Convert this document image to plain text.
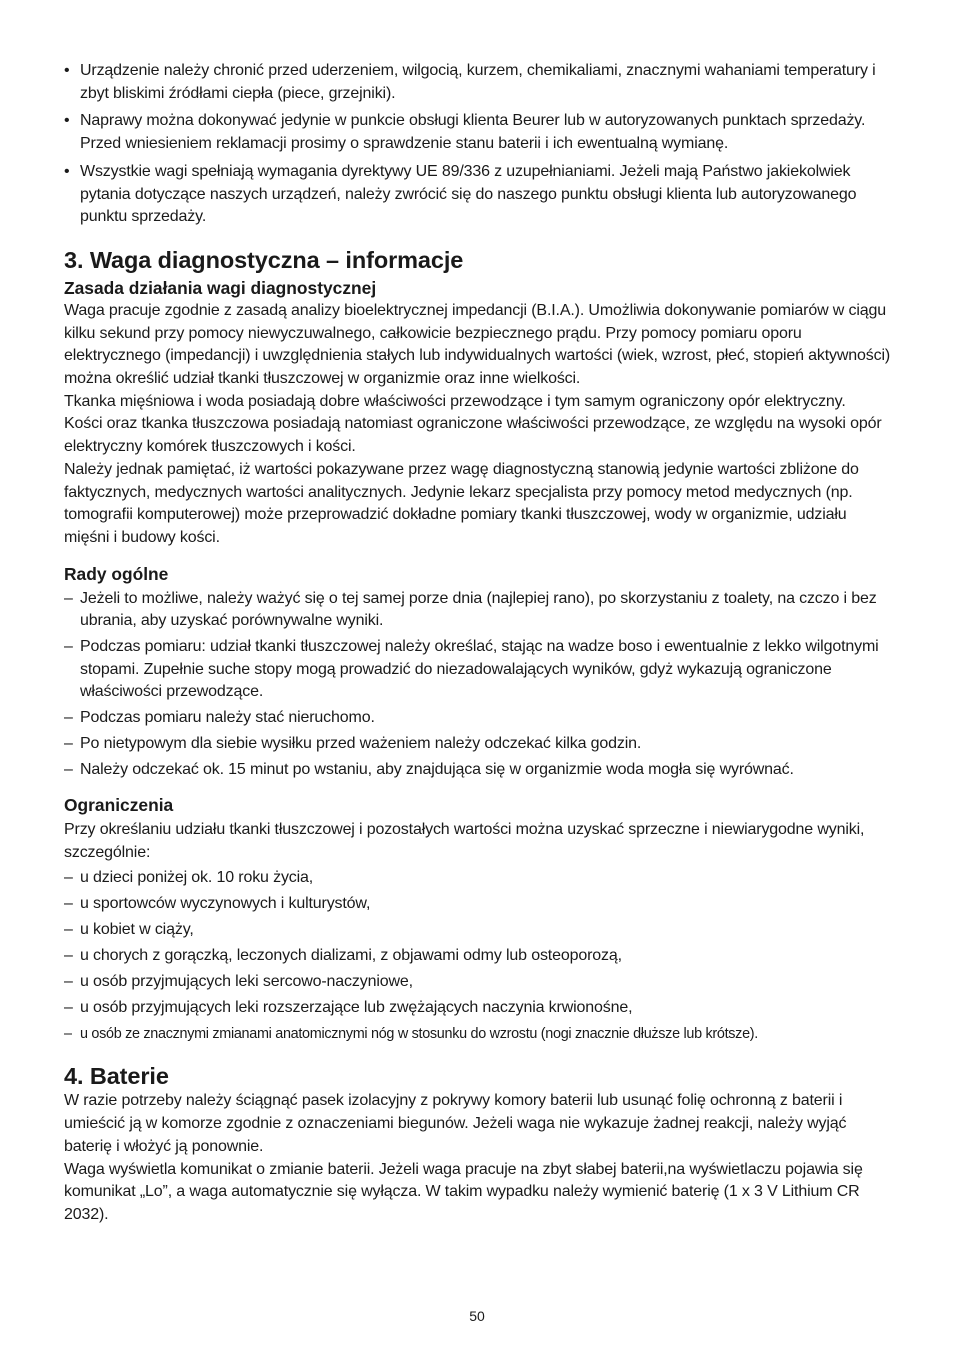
• Urządzenie należy chronić przed uderzeniem, wilgocią, kurzem, chemikaliami, znacznymi wahaniami temperatury i zbyt bliskimi źródłami ciepła (piece, grzejniki).
• Naprawy można dokonywać jedynie w punkcie obsługi klienta Beurer lub w autoryzowanych punktach sprzedaży. Przed wniesieniem reklamacji prosimy o sprawdzenie stanu baterii i ich ewentualną wymianę.
• Wszystkie wagi spełniają wymagania dyrektywy UE 89/336 z uzupełnianiami. Jeżeli mają Państwo jakiekolwiek pytania dotyczące naszych urządzeń, należy zwrócić się do naszego punktu obsługi klienta lub autoryzowanego punktu sprzedaży.
3. Waga diagnostyczna – informacje
Zasada działania wagi diagnostycznej

Waga pracuje zgodnie z zasadą analizy bioelektrycznej impedancji (B.I.A.). Umożliwia dokonywanie pomiarów w ciągu kilku sekund przy pomocy niewyczuwalnego, całkowicie bezpiecznego prądu. Przy pomocy pomiaru oporu elektrycznego (impedancji) i uwzględnienia stałych lub indywidualnych wartości (wiek, wzrost, płeć, stopień aktywności) można określić udział tkanki tłuszczowej w organizmie oraz inne wielkości.

Tkanka mięśniowa i woda posiadają dobre właściwości przewodzące i tym samym ograniczony opór elektryczny.

Kości oraz tkanka tłuszczowa posiadają natomiast ograniczone właściwości przewodzące, ze względu na wysoki opór elektryczny komórek tłuszczowych i kości.

Należy jednak pamiętać, iż wartości pokazywane przez wagę diagnostyczną stanowią jedynie wartości zbliżone do faktycznych, medycznych wartości analitycznych. Jedynie lekarz specjalista przy pomocy metod medycznych (np. tomografii komputerowej) może przeprowadzić dokładne pomiary tkanki tłuszczowej, wody w organizmie, udziału mięśni i budowy kości.

Rady ogólne
– Jeżeli to możliwe, należy ważyć się o tej samej porze dnia (najlepiej rano), po skorzystaniu z toalety, na czczo i bez ubrania, aby uzyskać porównywalne wyniki.
– Podczas pomiaru: udział tkanki tłuszczowej należy określać, stając na wadze boso i ewentualnie z lekko wilgotnymi stopami. Zupełnie suche stopy mogą prowadzić do niezadowalających wyników, gdyż wykazują ograniczone właściwości przewodzące.
– Podczas pomiaru należy stać nieruchomo.
– Po nietypowym dla siebie wysiłku przed ważeniem należy odczekać kilka godzin.
– Należy odczekać ok. 15 minut po wstaniu, aby znajdująca się w organizmie woda mogła się wyrównać.
Ograniczenia

Przy określaniu udziału tkanki tłuszczowej i pozostałych wartości można uzyskać sprzeczne i niewiarygodne wyniki, szczególnie:

– u dzieci poniżej ok. 10 roku życia,
– u sportowców wyczynowych i kulturystów,
– u kobiet w ciąży,
– u chorych z gorączką, leczonych dializami, z objawami odmy lub osteoporozą,
– u osób przyjmujących leki sercowo-naczyniowe,
– u osób przyjmujących leki rozszerzające lub zwężających naczynia krwionośne,
– u osób ze znacznymi zmianami anatomicznymi nóg w stosunku do wzrostu (nogi znacznie dłuższe lub krótsze).
4. Baterie

W razie potrzeby należy ściągnąć pasek izolacyjny z pokrywy komory baterii lub usunąć folię ochronną z baterii i umieścić ją w komorze zgodnie z oznaczeniami biegunów. Jeżeli waga nie wykazuje żadnej reakcji, należy wyjąć baterię i włożyć ją ponownie.

Waga wyświetla komunikat o zmianie baterii. Jeżeli waga pracuje na zbyt słabej baterii,na wyświetlaczu pojawia się komunikat „Lo”, a waga automatycznie się wyłącza. W takim wypadku należy wymienić baterię (1 x 3 V Lithium CR 2032).

50
